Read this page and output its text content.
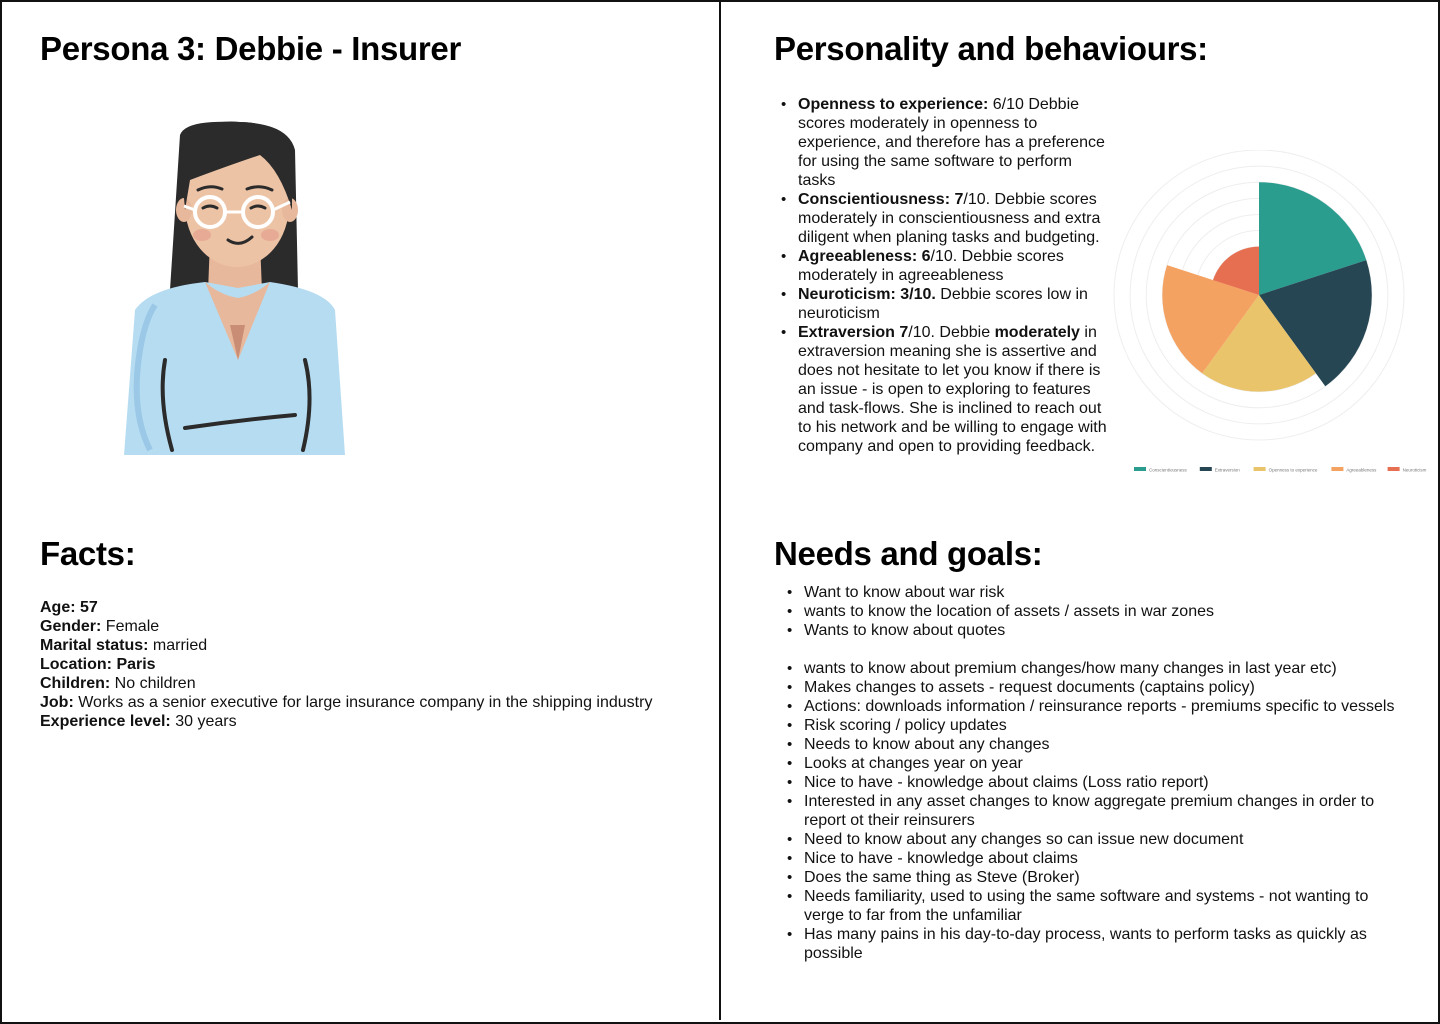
Persona 3: Debbie - Insurer
Facts:

Age: 57

Gender: Female

Marital status: married

Location: Paris

Children: No children

Job: Works as a senior executive for large insurance company in the shipping industry

Experience level: 30 years

Personality and behaviours:
• Openness to experience: 6/10 Debbie scores moderately in openness to experience, and therefore has a preference for using the same software to perform tasks
• Conscientiousness: 7/10. Debbie scores moderately in conscientiousness and extra diligent when planing tasks and budgeting.
• Agreeableness: 6/10. Debbie scores moderately in agreeableness
• Neuroticism: 3/10. Debbie scores low in neuroticism
• Extraversion 7/10. Debbie moderately in extraversion meaning she is assertive and does not hesitate to let you know if there is an issue - is open to exploring to features and task-flows. She is inclined to reach out to his network and be willing to engage with company and open to providing feedback.
Conscientiousness	Extraversion	Openness to experience	Agreeableness	Neuroticism
Needs and goals:
• Want to know about war risk
• wants to know the location of assets / assets in war zones
• Wants to know about quotes
• wants to know about premium changes/how many changes in last year etc)
• Makes changes to assets - request documents (captains policy)
• Actions: downloads information / reinsurance reports - premiums specific to vessels
• Risk scoring / policy updates
• Needs to know about any changes
• Looks at changes year on year
• Nice to have - knowledge about claims (Loss ratio report)
• Interested in any asset changes to know aggregate premium changes in order to report ot their reinsurers
• Need to know about any changes so can issue new document
• Nice to have - knowledge about claims
• Does the same thing as Steve (Broker)
• Needs familiarity, used to using the same software and systems - not wanting to verge to far from the unfamiliar
• Has many pains in his day-to-day process, wants to perform tasks as quickly as possible
